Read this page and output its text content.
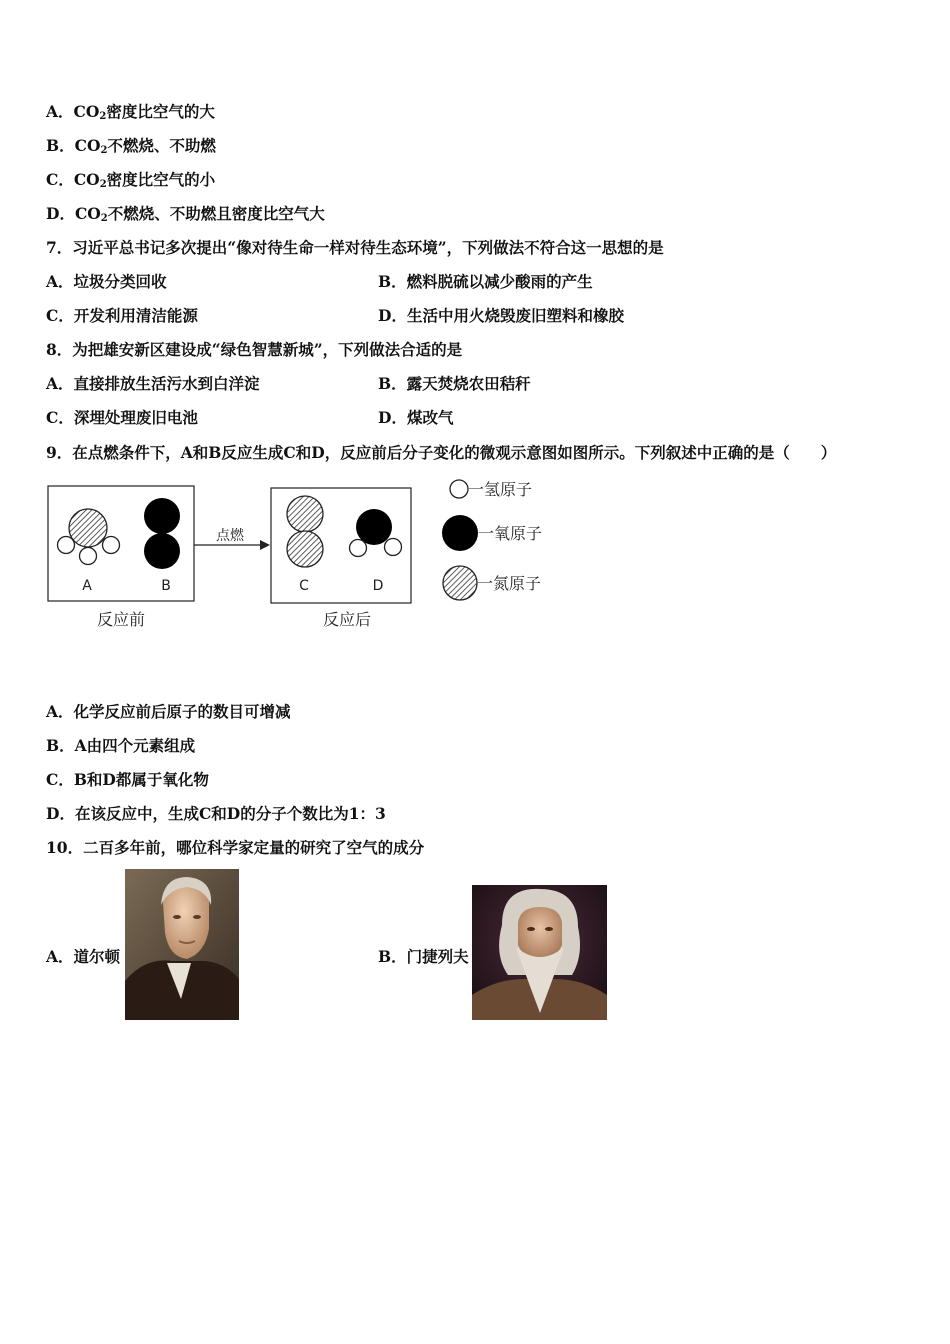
A．$CO_2$密度比空气的大
B．$CO_2$不燃烧、不助燃
C．$CO_2$密度比空气的小
D．$CO_2$不燃烧、不助燃且密度比空气大
7．习近平总书记多次提出“像对待生命一样对待生态环境”，下列做法不符合这一思想的是
A．垃圾分类回收	B．燃料脱硫以减少酸雨的产生
C．开发利用清洁能源	D．生活中用火烧毁废旧塑料和橡胶
8．为把雄安新区建设成“绿色智慧新城”，下列做法合适的是
A．直接排放生活污水到白洋淀	B．露天焚烧农田秸秆
C．深埋处理废旧电池	D．煤改气
9．在点燃条件下，A和B反应生成C和D，反应前后分子变化的微观示意图如图所示。下列叙述中正确的是（　　）
A	B
点燃
C	D
反应前	反应后
一氢原子
一氧原子
一氮原子
A．化学反应前后原子的数目可增减
B．A由四个元素组成
C．B和D都属于氧化物
D．在该反应中，生成C和D的分子个数比为1：3
10．二百多年前，哪位科学家定量的研究了空气的成分
A．道尔顿	B．门捷列夫
